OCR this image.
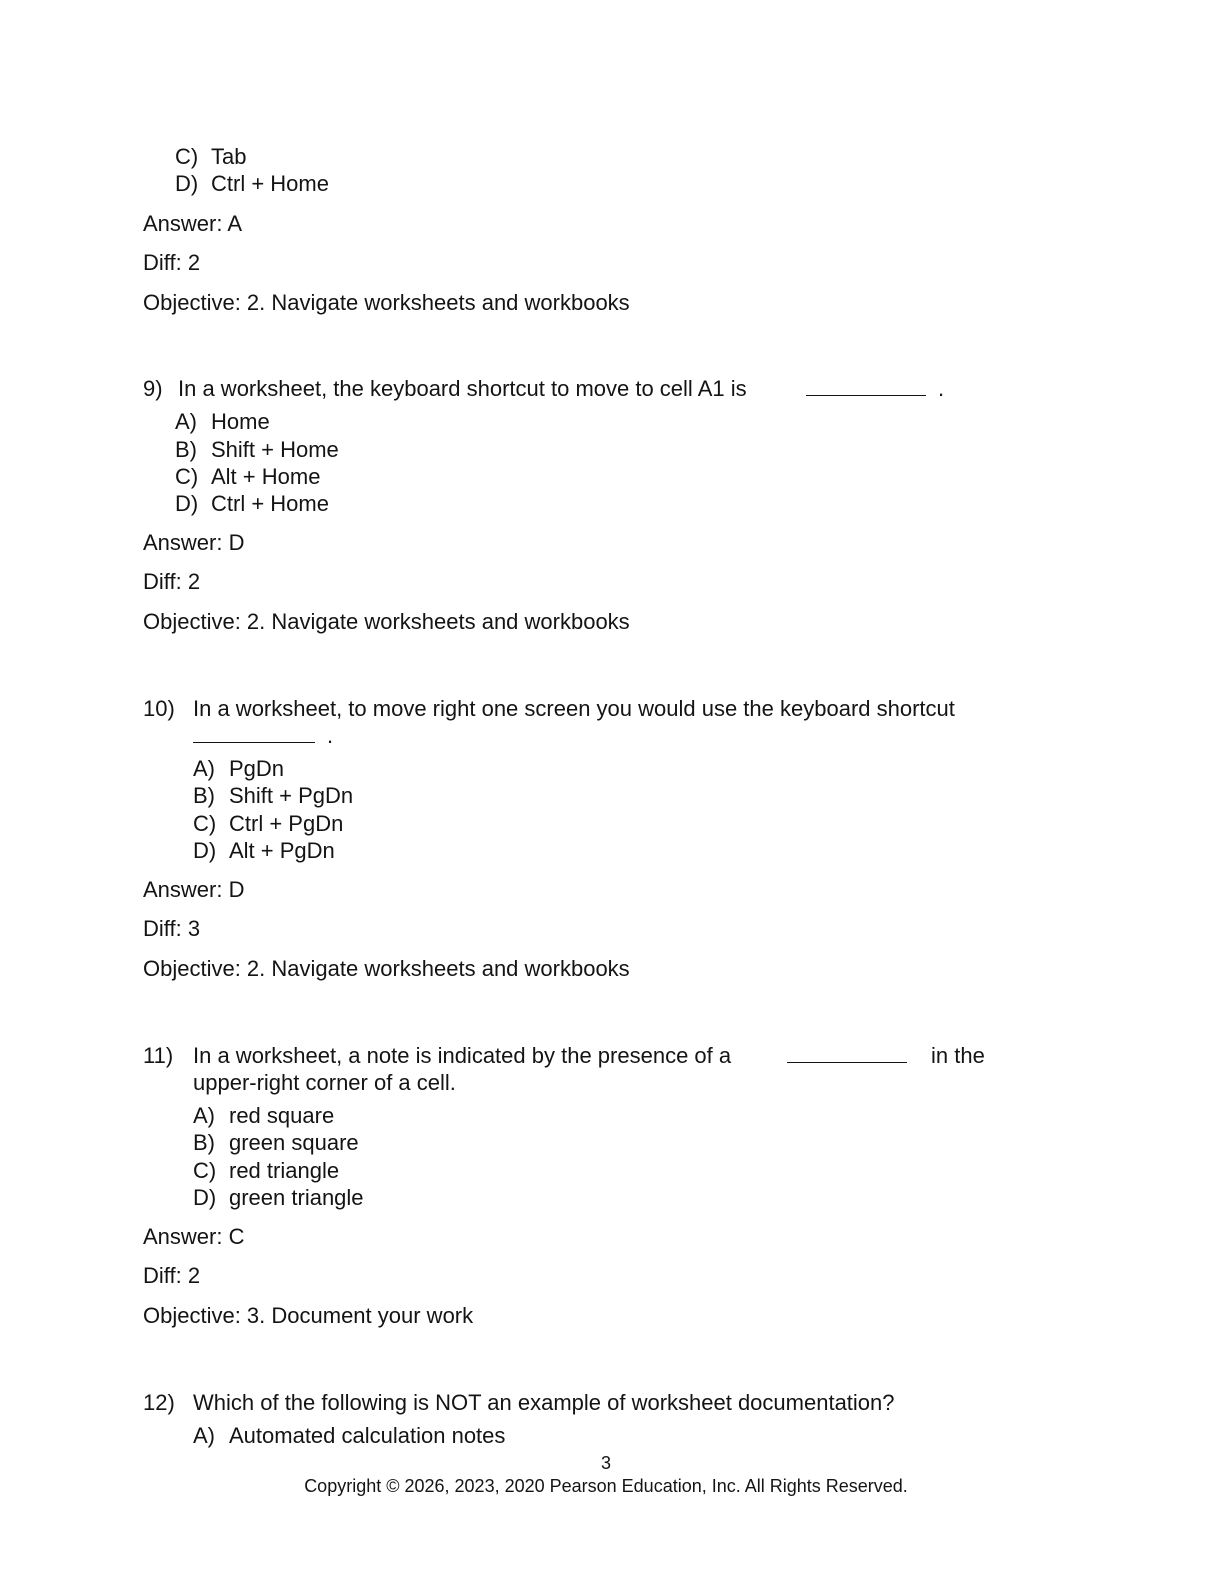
C) Tab
D) Ctrl + Home
Answer: A
Diff: 2
Objective: 2. Navigate worksheets and workbooks
9) In a worksheet, the keyboard shortcut to move to cell A1 is	.
A) Home
B) Shift + Home
C) Alt + Home
D) Ctrl + Home
Answer: D
Diff: 2
Objective: 2. Navigate worksheets and workbooks
10) In a worksheet, to move right one screen you would use the keyboard shortcut
.
A) PgDn
B) Shift + PgDn
C) Ctrl + PgDn
D) Alt + PgDn
Answer: D
Diff: 3
Objective: 2. Navigate worksheets and workbooks
11) In a worksheet, a note is indicated by the presence of a	in the
upper-right corner of a cell.
A) red square
B) green square
C) red triangle
D) green triangle
Answer: C
Diff: 2
Objective: 3. Document your work
12) Which of the following is NOT an example of worksheet documentation?
A) Automated calculation notes
3
Copyright © 2026, 2023, 2020 Pearson Education, Inc. All Rights Reserved.
